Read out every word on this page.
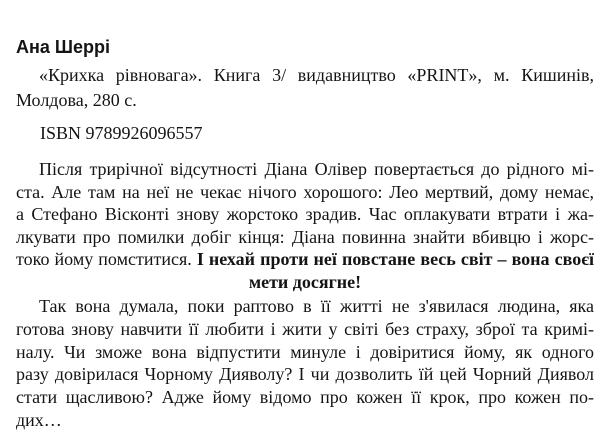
Ана Шеррі
«Крихка рівновага». Книга 3/ видавництво «PRINT», м. Кишинів,
Молдова, 280 с.
ISBN 9789926096557
Після трирічної відсутності Діана Олівер повертається до рідного мі-
ста. Але там на неї не чекає нічого хорошого: Лео мертвий, дому немає,
а Стефано Вісконті знову жорстоко зрадив. Час оплакувати втрати і жа-
лкувати про помилки добіг кінця: Діана повинна знайти вбивцю і жорс-
токо йому помститися. І нехай проти неї повстане весь світ – вона своєї
мети досягне!
Так вона думала, поки раптово в її житті не з'явилася людина, яка
готова знову навчити її любити і жити у світі без страху, зброї та кримі-
налу. Чи зможе вона відпустити минуле і довіритися йому, як одного
разу довірилася Чорному Дияволу? І чи дозволить їй цей Чорний Диявол
стати щасливою? Адже йому відомо про кожен її крок, про кожен по-
дих…
